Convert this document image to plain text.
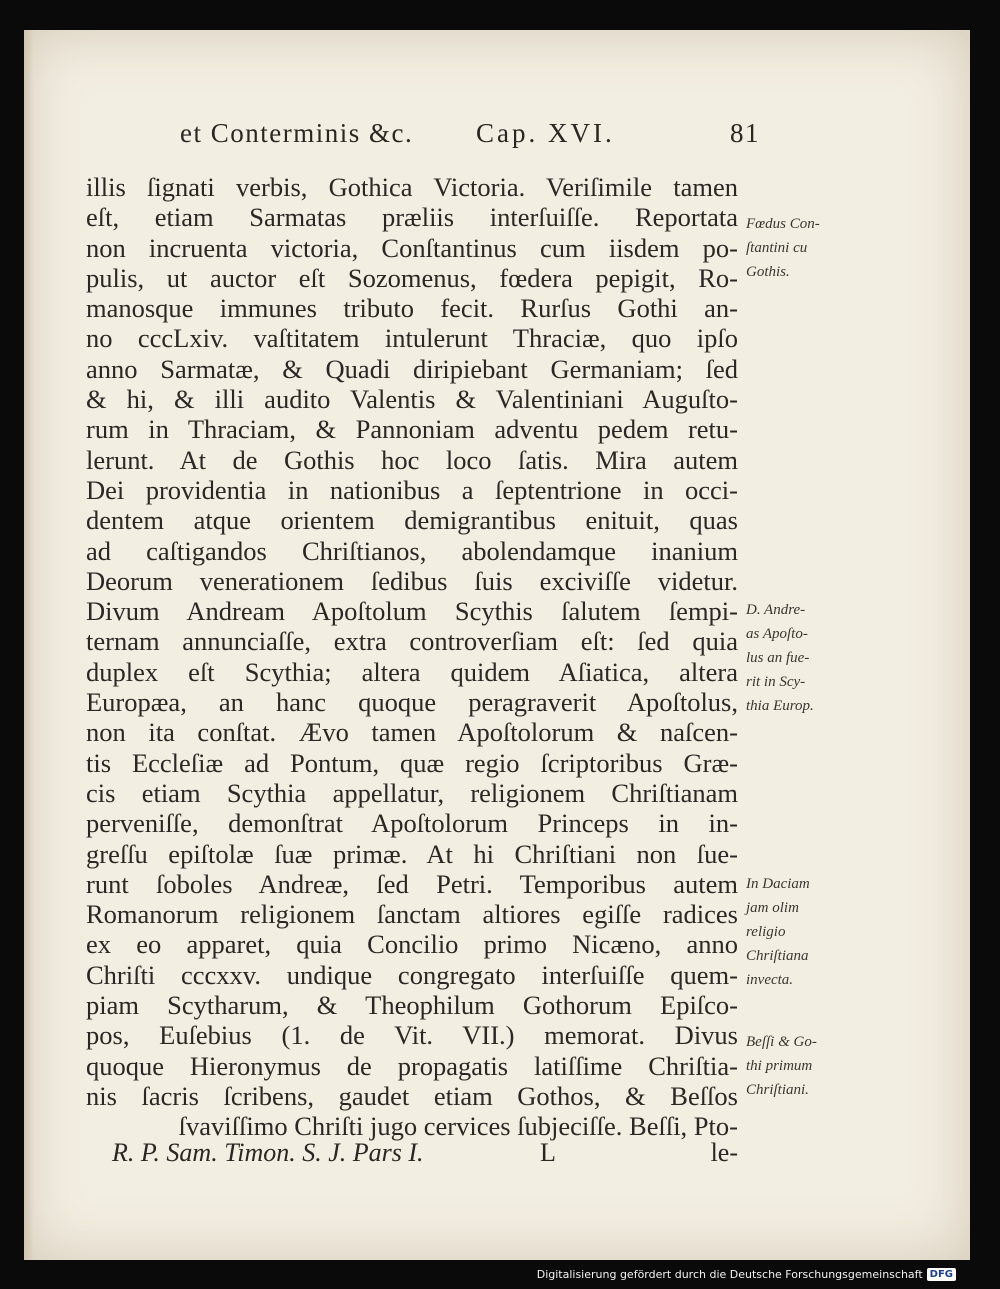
et Conterminis &c. Cap. XVI.	81
illis ſignati verbis, Gothica Victoria. Veriſimile tamen
eſt, etiam Sarmatas præliis interſuiſſe. Reportata
non incruenta victoria, Conſtantinus cum iisdem po-
pulis, ut auctor eſt Sozomenus, fœdera pepigit, Ro-
manosque immunes tributo fecit. Rurſus Gothi an-
no cccLxiv. vaſtitatem intulerunt Thraciæ, quo ipſo
anno Sarmatæ, & Quadi diripiebant Germaniam; ſed
& hi, & illi audito Valentis & Valentiniani Auguſto-
rum in Thraciam, & Pannoniam adventu pedem retu-
lerunt. At de Gothis hoc loco ſatis. Mira autem
Dei providentia in nationibus a ſeptentrione in occi-
dentem atque orientem demigrantibus enituit, quas
ad caſtigandos Chriſtianos, abolendamque inanium
Deorum venerationem ſedibus ſuis exciviſſe videtur.
Divum Andream Apoſtolum Scythis ſalutem ſempi-
ternam annunciaſſe, extra controverſiam eſt: ſed quia
duplex eſt Scythia; altera quidem Aſiatica, altera
Europæa, an hanc quoque peragraverit Apoſtolus,
non ita conſtat. Ævo tamen Apoſtolorum & naſcen-
tis Eccleſiæ ad Pontum, quæ regio ſcriptoribus Græ-
cis etiam Scythia appellatur, religionem Chriſtianam
perveniſſe, demonſtrat Apoſtolorum Princeps in in-
greſſu epiſtolæ ſuæ primæ. At hi Chriſtiani non ſue-
runt ſoboles Andreæ, ſed Petri. Temporibus autem
Romanorum religionem ſanctam altiores egiſſe radices
ex eo apparet, quia Concilio primo Nicæno, anno
Chriſti cccxxv. undique congregato interſuiſſe quem-
piam Scytharum, & Theophilum Gothorum Epiſco-
pos, Euſebius (1. de Vit. VII.) memorat. Divus
quoque Hieronymus de propagatis latiſſime Chriſtia-
nis ſacris ſcribens, gaudet etiam Gothos, & Beſſos
ſvaviſſimo Chriſti jugo cervices ſubjeciſſe. Beſſi, Pto-
Fœdus Con-
ſtantini cu
Gothis.
D. Andre-
as Apoſto-
lus an fue-
rit in Scy-
thia Europ.
In Daciam
jam olim
religio
Chriſtiana
invecta.
Beſſi & Go-
thi primum
Chriſtiani.
R. P. Sam. Timon. S. J. Pars I.	L	le-
Digitalisierung gefördert durch die Deutsche Forschungsgemeinschaft DFG
